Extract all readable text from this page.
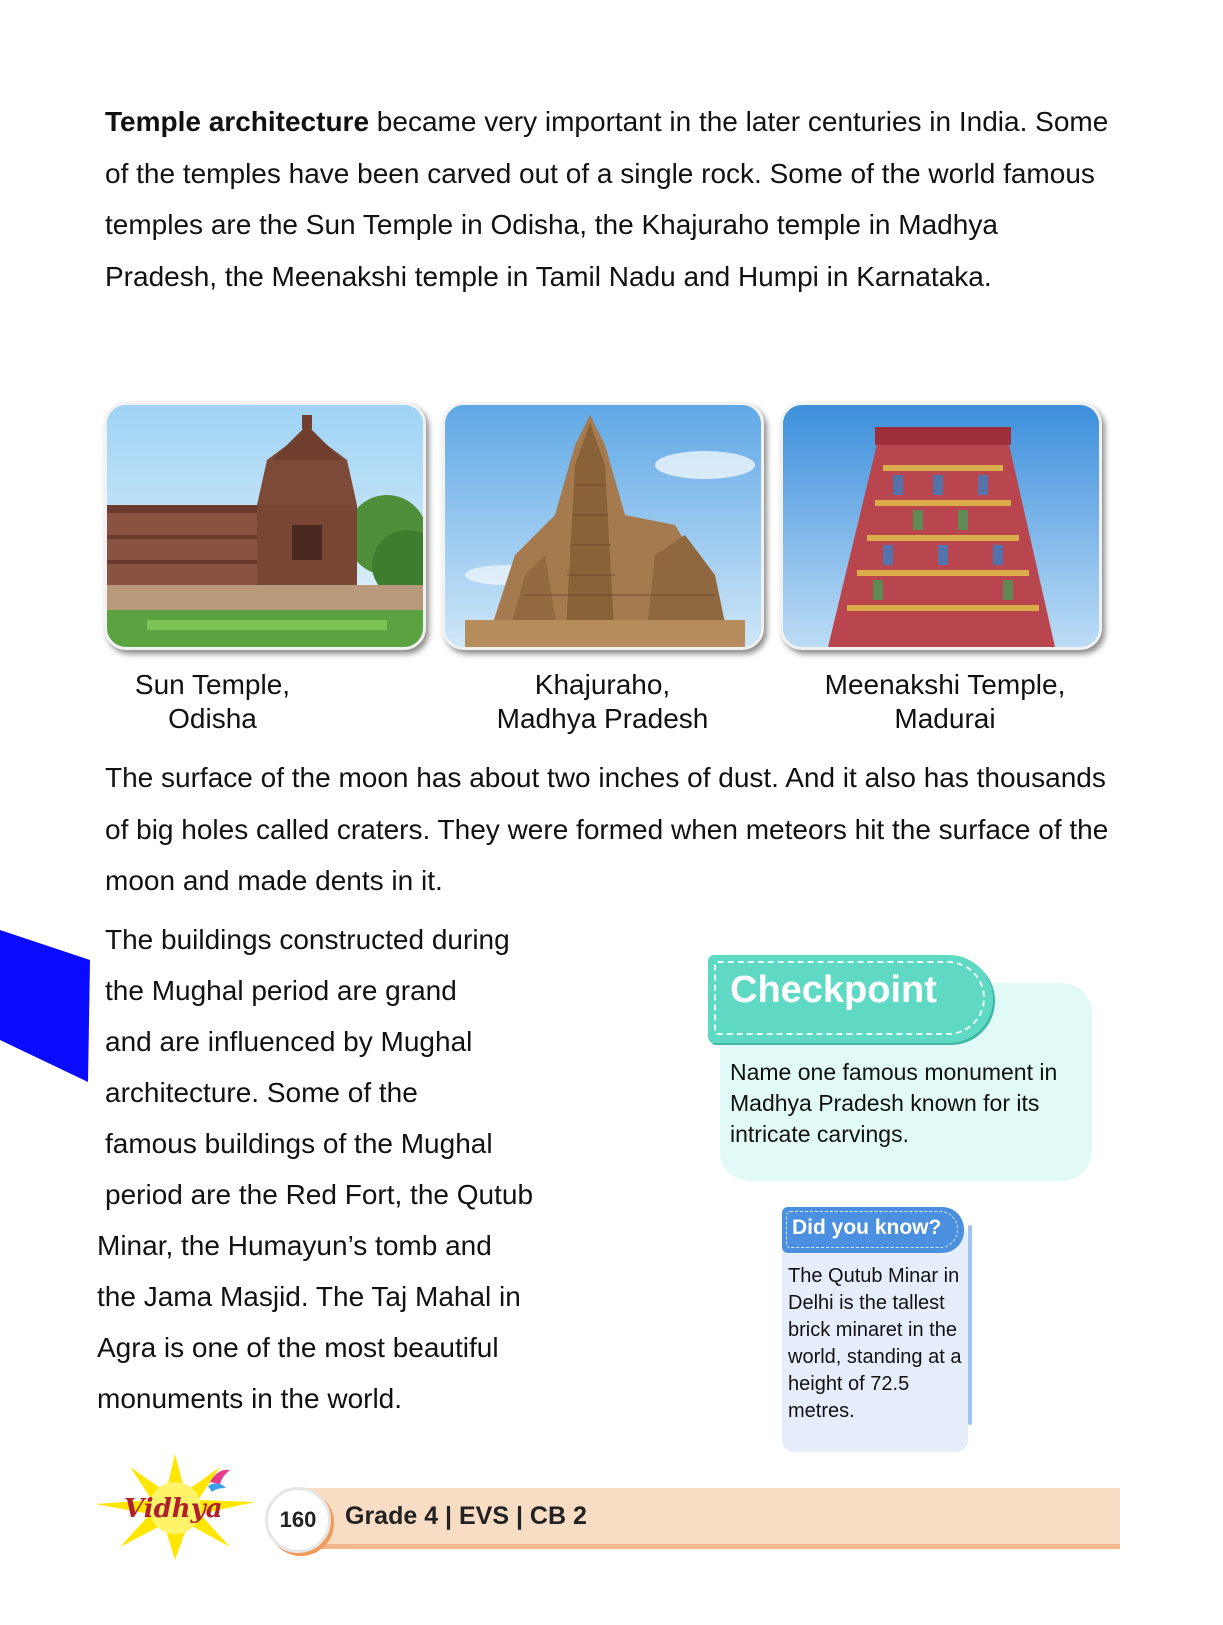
Temple architecture became very important in the later centuries in India. Some of the temples have been carved out of a single rock. Some of the world famous temples are the Sun Temple in Odisha, the Khajuraho temple in Madhya Pradesh, the Meenakshi temple in Tamil Nadu and Humpi in Karnataka.

Sun Temple,
Odisha
Khajuraho,
Madhya Pradesh
Meenakshi Temple,
Madurai

The surface of the moon has about two inches of dust. And it also has thousands of big holes called craters. They were formed when meteors hit the surface of the moon and made dents in it.

The buildings constructed during
the Mughal period are grand
and are influenced by Mughal
architecture. Some of the
famous buildings of the Mughal
period are the Red Fort, the Qutub
Minar, the Humayun’s tomb and
the Jama Masjid. The Taj Mahal in
Agra is one of the most beautiful
monuments in the world.
Checkpoint
Name one famous monument in Madhya Pradesh known for its intricate carvings.
Did you know?
The Qutub Minar in Delhi is the tallest brick minaret in the world, standing at a height of 72.5 metres.
160	Grade 4 | EVS | CB 2
Vidhya
